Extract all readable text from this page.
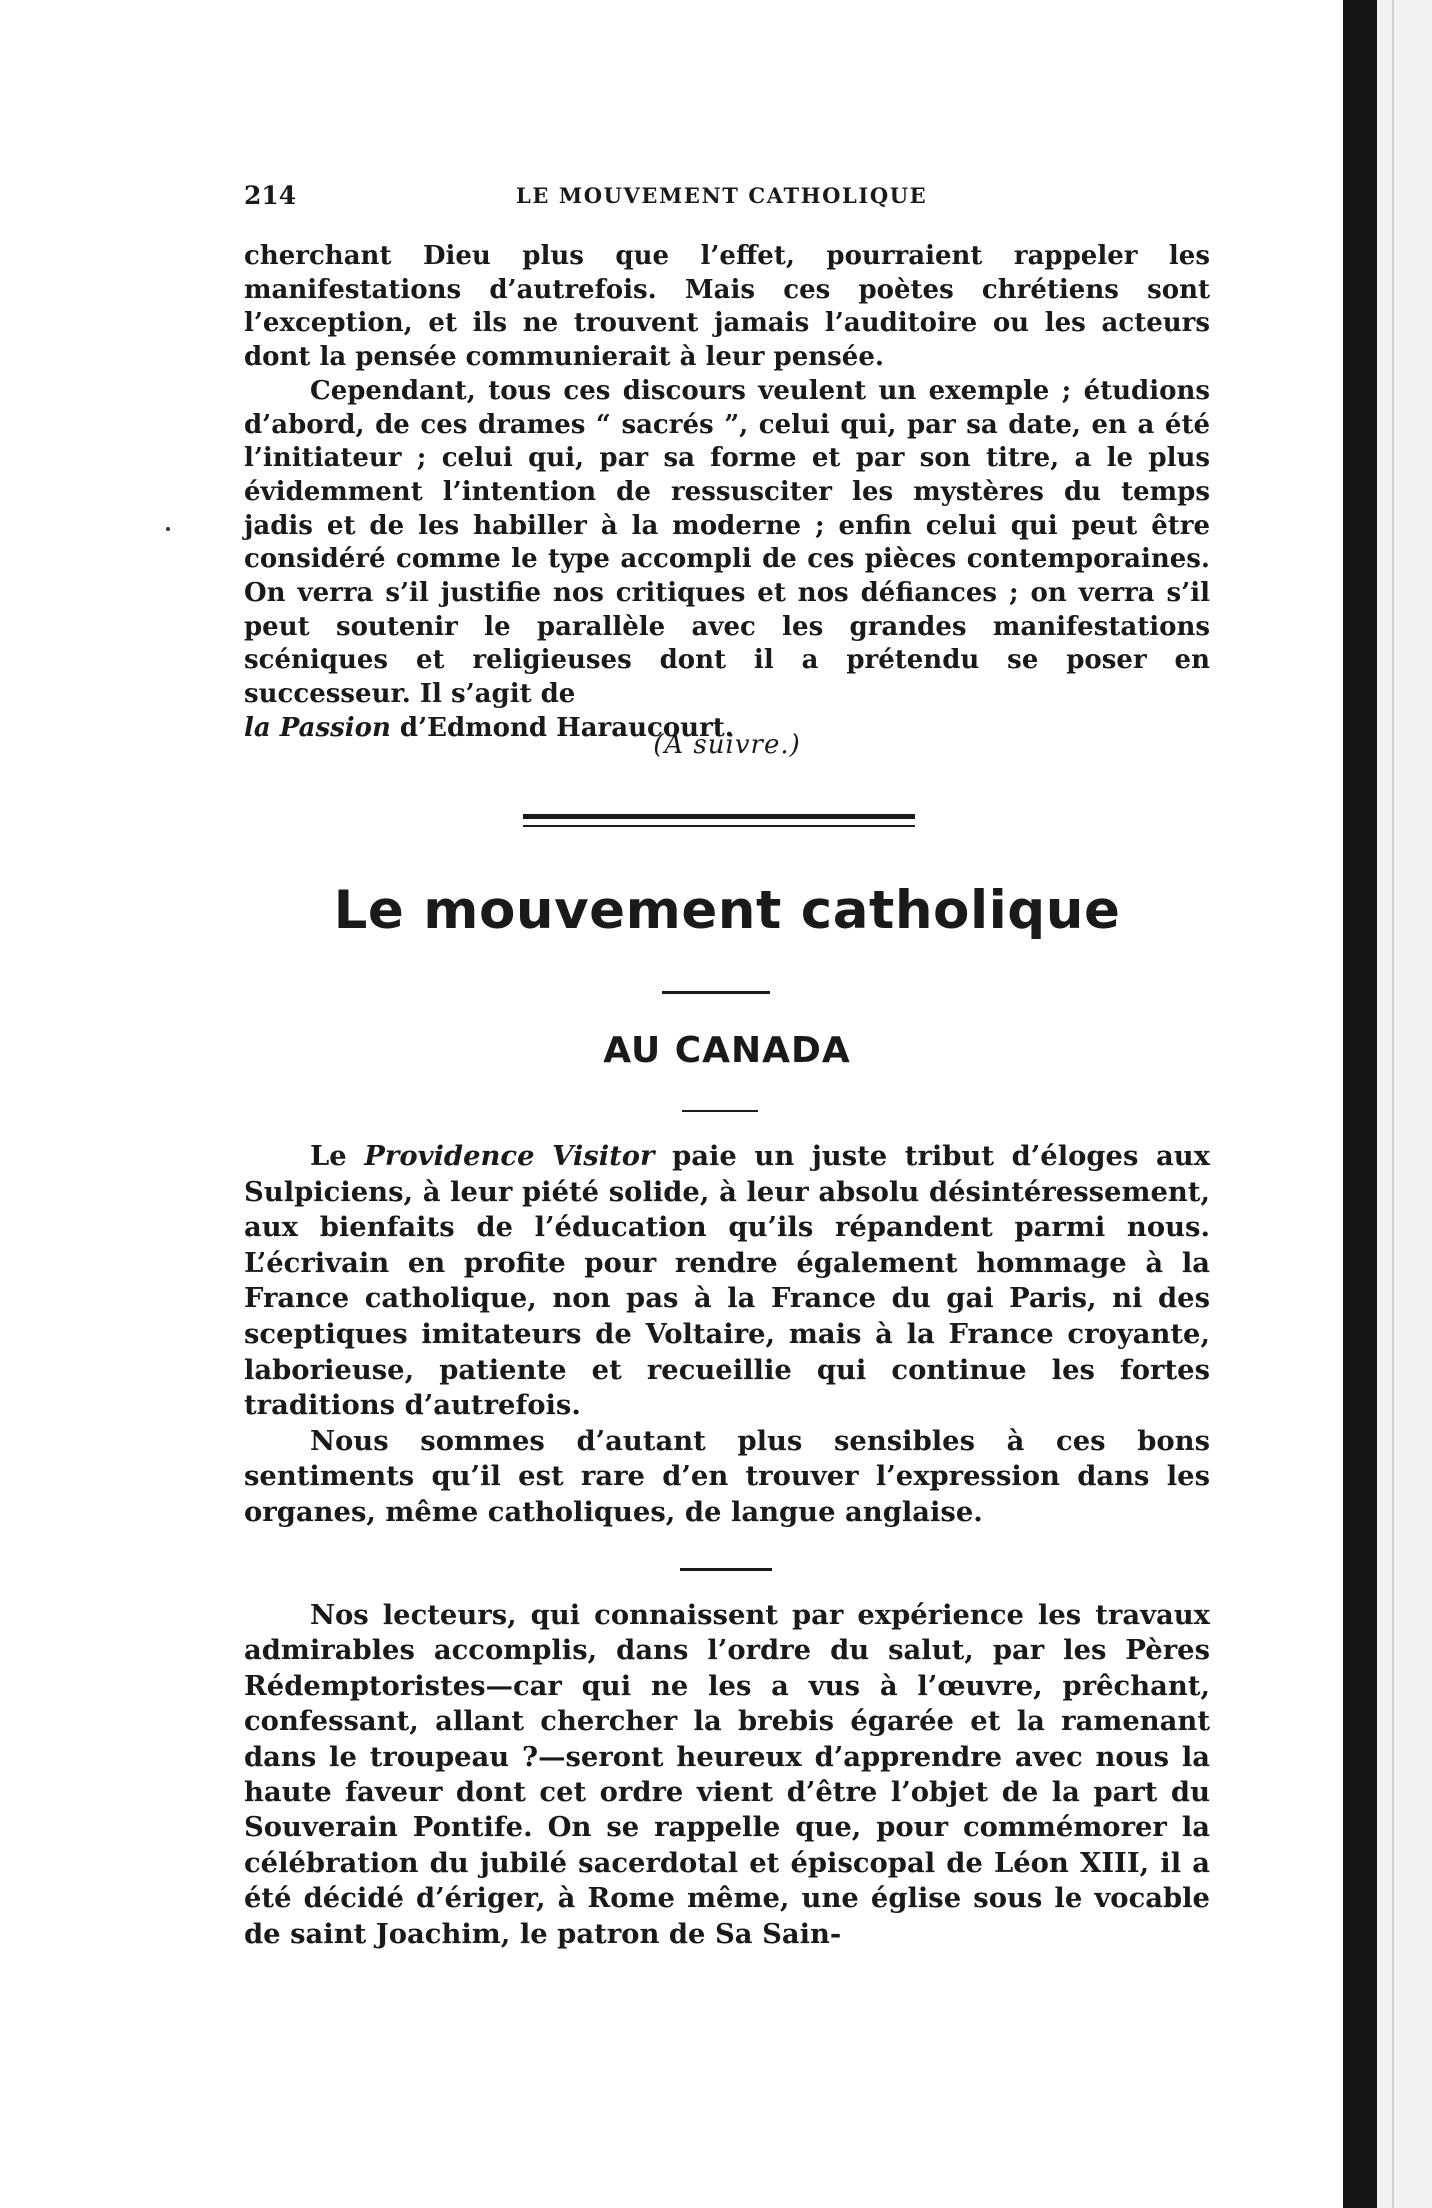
214	LE MOUVEMENT CATHOLIQUE

cherchant Dieu plus que l’effet, pourraient rappeler les manifestations d’autrefois. Mais ces poètes chrétiens sont l’exception, et ils ne trouvent jamais l’auditoire ou les acteurs dont la pensée communierait à leur pensée.

Cependant, tous ces discours veulent un exemple ; étudions d’abord, de ces drames “ sacrés ”, celui qui, par sa date, en a été l’initiateur ; celui qui, par sa forme et par son titre, a le plus évidemment l’intention de ressusciter les mystères du temps jadis et de les habiller à la moderne ; enfin celui qui peut être considéré comme le type accompli de ces pièces contemporaines. On verra s’il justifie nos critiques et nos défiances ; on verra s’il peut soutenir le parallèle avec les grandes manifestations scéniques et religieuses dont il a prétendu se poser en successeur. Il s’agit de
la Passion d’Edmond Haraucourt.

(A suivre.)
Le mouvement catholique
AU CANADA

Le Providence Visitor paie un juste tribut d’éloges aux Sulpiciens, à leur piété solide, à leur absolu désintéressement, aux bienfaits de l’éducation qu’ils répandent parmi nous. L’écrivain en profite pour rendre également hommage à la France catholique, non pas à la France du gai Paris, ni des sceptiques imitateurs de Voltaire, mais à la France croyante, laborieuse, patiente et recueillie qui continue les fortes traditions d’autrefois.

Nous sommes d’autant plus sensibles à ces bons sentiments qu’il est rare d’en trouver l’expression dans les organes, même catholiques, de langue anglaise.

Nos lecteurs, qui connaissent par expérience les travaux admirables accomplis, dans l’ordre du salut, par les Pères Rédemptoristes—car qui ne les a vus à l’œuvre, prêchant, confessant, allant chercher la brebis égarée et la ramenant dans le troupeau ?—seront heureux d’apprendre avec nous la haute faveur dont cet ordre vient d’être l’objet de la part du Souverain Pontife. On se rappelle que, pour commémorer la célébration du jubilé sacerdotal et épiscopal de Léon XIII, il a été décidé d’ériger, à Rome même, une église sous le vocable de saint Joachim, le patron de Sa Sain-
